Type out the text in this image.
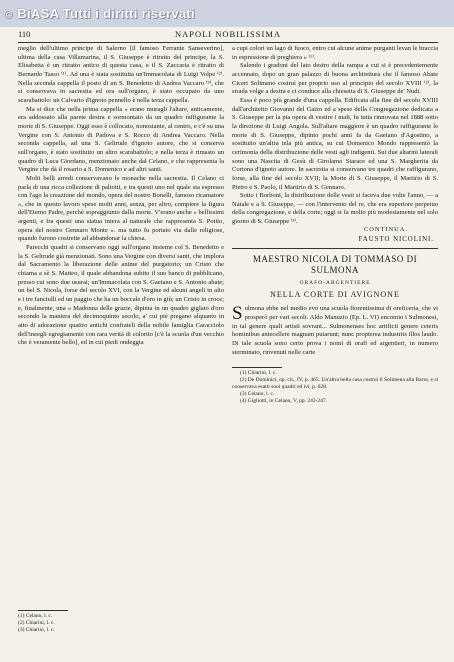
© BiASA Tutti i diritti riservati
110	NAPOLI NOBILISSIMA

meglio dell'ultimo principe di Salerno [il famoso Ferrante Sanseverino], ultima della casa Villamarina, il S. Giuseppe è ritratto del principe, la S. Elisabetta è un ritratto antico di questa casa, e il S. Zaccaria è ritratto di Bernardo Tasso ⁽¹⁾. Ad una è stata sostituita un'Immacolata di Luigi Volpe ⁽²⁾. Nella seconda cappella il posto di un S. Benedetto di Andrea Vaccaro ⁽³⁾, che si conservava in sacrestia ed ora sull'organo, è stato occupato da uno scarabattolo: un Calvario d'ignoto pennello è nella terza cappella.

Ma si dice che nella prima cappella « erano muragli l'altare, anticamente, era addossato alla parete destra e sormontato da un quadro raffigurante la morte di S. Giuseppe. Oggi esso è collocato, nonostante, al centro, e c'è su una Vergine con S. Antonio di Padova e S. Rocco di Andrea Vaccaro. Nella seconda cappella, ad una S. Geltrude d'ignoto autore, che si conserva sull'organo, è stato sostituito un altro scarabattolo; e nella terza è rimasto un quadro di Luca Giordano, menzionato anche dal Celano, e che rappresenta la Vergine che dà il rosario a S. Domenico e ad altri santi.

Molti belli arredi conservavano le monache nella sacrestia. Il Celano ci parla di una ricca collezione di paliotti, e tra questi uno nel quale sta espresso con l'ago la creazione del mondo, opera del nostro Bonelli, famoso ricamatore », che in questo lavoro spese molti anni, senza, per altro, compiere la figura dell'Eterno Padre, perchè sopraggiunto dalla morte. V'erano anche « bellissimi argenti, e fra questi una statua intera al naturale che rappresenta S. Potito, opera del nostro Gennaro Monte ». ma tutto fu portato via dalle religiose, quando furono costrette ad abbandonar la chiesa.

Parecchi quadri si conservano oggi sull'organo insieme col S. Benedetto e la S. Geltrude già menzionati. Sono una Vergine con diversi santi, che implora dal Sacramento la liberazione delle anime del purgatorio; un Cristo che chiama a sè S. Matteo, il quale abbandona subito il suo banco di pubblicano, presso cui sono due usurai; un'Immacolata con S. Gaetano e S. Antonio abate; un bel S. Nicola, forse del secolo XVI, con la Vergine ed alcuni angeli in alto e i tre fanciulli ed un paggio che ha un boccale d'oro in giù; un Cristo in croce; e, finalmente, una « Madonna delle grazie, dipinta in un quadro giglato d'oro secondo la maniera del decimoquinto secolo, a' cui piè pregano alquanto in atto di adorazione quattro antichi confrateli della nobile famiglia Caracciolo dell'ineegli egregiamente con rara verità di colorito [c'è la scuola d'un vecchio che è veramente bello], ed in cui piedi ondeggia

(1) Celano, l. c.

(2) Chiarini, l. c.

(3) Chiarini, l. c.

a cupi colori un lago di fuoco, entro cui alcune anime purganti levan le braccia in espressione di preghiera » ⁽¹⁾.

Salendo i gradoni del lato destro della rampa a cui si è precedentemente accennato, dopo un gran palazzo di buona architettura che il famoso Abate Ciceri Solimeno costruì per proprio uso al principio del secolo XVIII ⁽²⁾, la strada volge a destra e ci conduce alla chiesetta di S. Giuseppe de' Nudi.

Essa è poco più grande d'una cappella. Edificata alla fine del secolo XVIII dall'architetto Giovanni del Gaizo ed a spese della Congregazione dedicata a S. Giuseppe per la pia opera di vestire i nudi, fu tutta rinnovata nel 1888 sotto la direzione di Luigi Angola. Sull'altare maggiore è un quadro raffigurante le morte di S. Giuseppe, dipinto pochi anni fa da Gaetano d'Agostino, a sostituito un'altra tela più antica, su cui Domenico Mondo rappresentò la cerimonia della distribuzione delle vesti agli indigenti. Sui due altarini laterali sono una Nascita di Gesù di Girolamo Starace ed una S. Margherita da Cortona d'ignoto autore. In sacrestia si conservano tre quadri che raffigurano, forse, alla fine del secolo XVII; la Morte di S. Giuseppe, il Martirio di S. Pietro e S. Paolo, il Martirio di S. Gennaro.

Sotto i Borboni, la distribuzione delle vesti si faceva due volte l'anno, — a Natale e a S. Giuseppe, — con l'intervento del re, che era superiore perpetuo della congregazione, e della corte; oggi si fa molto più modestamente nel solo giorno di S. Giuseppe ⁽³⁾.

CONTINUA.
FAUSTO NICOLINI.
MAESTRO NICOLA DI TOMMASO DI SULMONA
ORAFO-ARGENTIERE
NELLA CORTE DI AVIGNONE

Sulmona ebbe nel medio evo una scuola fiorentissima di oreficeria, che vi prosperò per vari secoli. Aldo Manuzio (Ep. L. VI) encomio i Sulmonesi, in tal genere quali artisti sovrani... Sulmonenses hoc artificii genere ceteris hominibus antecellere magnam putarunt; nunc propterea industriis illos laudo. Di tale scuola sono certo prova i nomi di orafi ed argentieri, in numero sterminato, rinvenuti nelle carte

(1) Chiarini, l. c.

(2) De Dominici, op. cit., IV, p. 465. Un'altra bella casa costruì il Solimena alla Barra, e si conservava esatti suoi quadri ed ivi, p. 628.

(3) Celano, l. c.

(4) Gigliotti, in Celano, V, pp. 243-247.
